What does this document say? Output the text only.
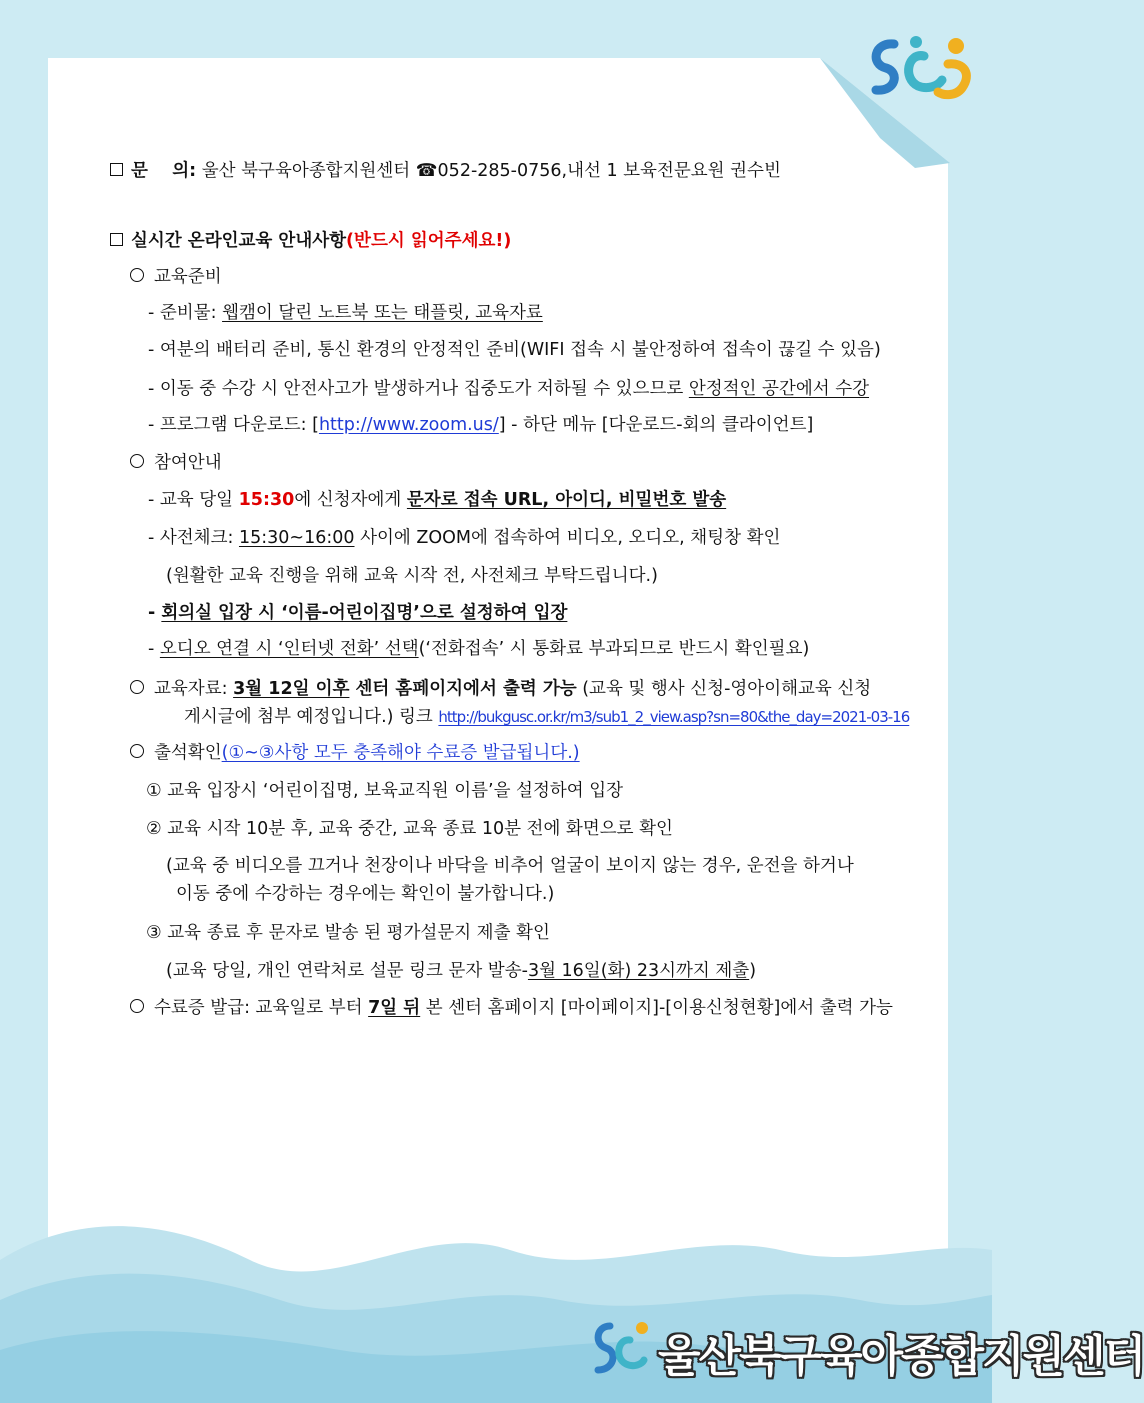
울산북구육아종합지원센터
문    의: 울산 북구육아종합지원센터 ☎052-285-0756,내선 1 보육전문요원 권수빈
실시간 온라인교육 안내사항(반드시 읽어주세요!)
교육준비
- 준비물: 웹캠이 달린 노트북 또는 태플릿, 교육자료
- 여분의 배터리 준비, 통신 환경의 안정적인 준비(WIFI 접속 시 불안정하여 접속이 끊길 수 있음)
- 이동 중 수강 시 안전사고가 발생하거나 집중도가 저하될 수 있으므로 안정적인 공간에서 수강
- 프로그램 다운로드: [http://www.zoom.us/] - 하단 메뉴 [다운로드-회의 클라이언트]
참여안내
- 교육 당일 15:30에 신청자에게 문자로 접속 URL, 아이디, 비밀번호 발송
- 사전체크: 15:30~16:00 사이에 ZOOM에 접속하여 비디오, 오디오, 채팅창 확인
(원활한 교육 진행을 위해 교육 시작 전, 사전체크 부탁드립니다.)
- 회의실 입장 시 ‘이름-어린이집명’으로 설정하여 입장
- 오디오 연결 시 ‘인터넷 전화’ 선택(‘전화접속’ 시 통화료 부과되므로 반드시 확인필요)
교육자료: 3월 12일 이후 센터 홈페이지에서 출력 가능 (교육 및 행사 신청-영아이해교육 신청
게시글에 첨부 예정입니다.) 링크 http://bukgusc.or.kr/m3/sub1_2_view.asp?sn=80&the_day=2021-03-16
출석확인(①~③사항 모두 충족해야 수료증 발급됩니다.)
① 교육 입장시 ‘어린이집명, 보육교직원 이름’을 설정하여 입장
② 교육 시작 10분 후, 교육 중간, 교육 종료 10분 전에 화면으로 확인
(교육 중 비디오를 끄거나 천장이나 바닥을 비추어 얼굴이 보이지 않는 경우, 운전을 하거나
이동 중에 수강하는 경우에는 확인이 불가합니다.)
③ 교육 종료 후 문자로 발송 된 평가설문지 제출 확인
(교육 당일, 개인 연락처로 설문 링크 문자 발송-3월 16일(화) 23시까지 제출)
수료증 발급: 교육일로 부터 7일 뒤 본 센터 홈페이지 [마이페이지]-[이용신청현황]에서 출력 가능
